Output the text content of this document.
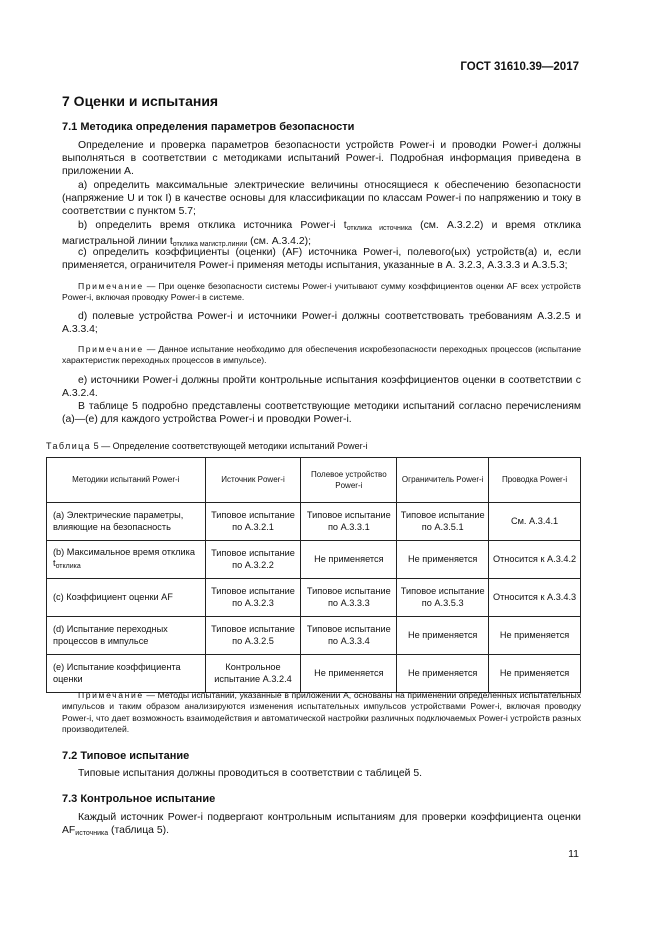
ГОСТ 31610.39—2017
7 Оценки и испытания
7.1 Методика определения параметров безопасности
Определение и проверка параметров безопасности устройств Power-i и проводки Power-i должны выполняться в соответствии с методиками испытаний Power-i. Подробная информация приведена в приложении А.
а) определить максимальные электрические величины относящиеся к обеспечению безопасности (напряжение U и ток I) в качестве основы для классификации по классам Power-i по напряжению и току в соответствии с пунктом 5.7;
b) определить время отклика источника Power-i $t_{отклика источника}$ (см. А.3.2.2) и время отклика магистральной линии $t_{отклика магистр.линии}$ (см. А.3.4.2);
с) определить коэффициенты (оценки) (AF) источника Power-i, полевого(ых) устройств(а) и, если применяется, ограничителя Power-i применяя методы испытания, указанные в А. 3.2.3, А.3.3.3 и А.3.5.3;
Примечание — При оценке безопасности системы Power-i учитывают сумму коэффициентов оценки AF всех устройств Power-i, включая проводку Power-i в системе.
d) полевые устройства Power-i и источники Power-i должны соответствовать требованиям А.3.2.5 и А.3.3.4;
Примечание — Данное испытание необходимо для обеспечения искробезопасности переходных процессов (испытание характеристик переходных процессов в импульсе).
е) источники Power-i должны пройти контрольные испытания коэффициентов оценки в соответствии с А.3.2.4.
В таблице 5 подробно представлены соответствующие методики испытаний согласно перечислениям (а)—(е) для каждого устройства Power-i и проводки Power-i.
Таблица 5 — Определение соответствующей методики испытаний Power-i
Методики испытаний Power-i	Источник Power-i	Полевое устройство Power-i	Ограничитель Power-i	Проводка Power-i
(a) Электрические параметры, влияющие на безопасность	Типовое испытание по А.3.2.1	Типовое испытание по А.3.3.1	Типовое испытание по А.3.5.1	См. А.3.4.1
(b) Максимальное время отклика $t_{отклика}$	Типовое испытание по А.3.2.2	Не применяется	Не применяется	Относится к А.3.4.2
(c) Коэффициент оценки AF	Типовое испытание по А.3.2.3	Типовое испытание по А.3.3.3	Типовое испытание по А.3.5.3	Относится к А.3.4.3
(d) Испытание переходных процессов в импульсе	Типовое испытание по А.3.2.5	Типовое испытание по А.3.3.4	Не применяется	Не применяется
(e) Испытание коэффициента оценки	Контрольное испытание А.3.2.4	Не применяется	Не применяется	Не применяется
Примечание — Методы испытаний, указанные в приложении А, основаны на применении определенных испытательных импульсов и таким образом анализируются изменения испытательных импульсов устройствами Power-i, включая проводку Power-i, что дает возможность взаимодействия и автоматической настройки различных подключаемых Power-i устройств разных производителей.
7.2 Типовое испытание
Типовые испытания должны проводиться в соответствии с таблицей 5.
7.3 Контрольное испытание
Каждый источник Power-i подвергают контрольным испытаниям для проверки коэффициента оценки $AF_{источника}$ (таблица 5).
11
